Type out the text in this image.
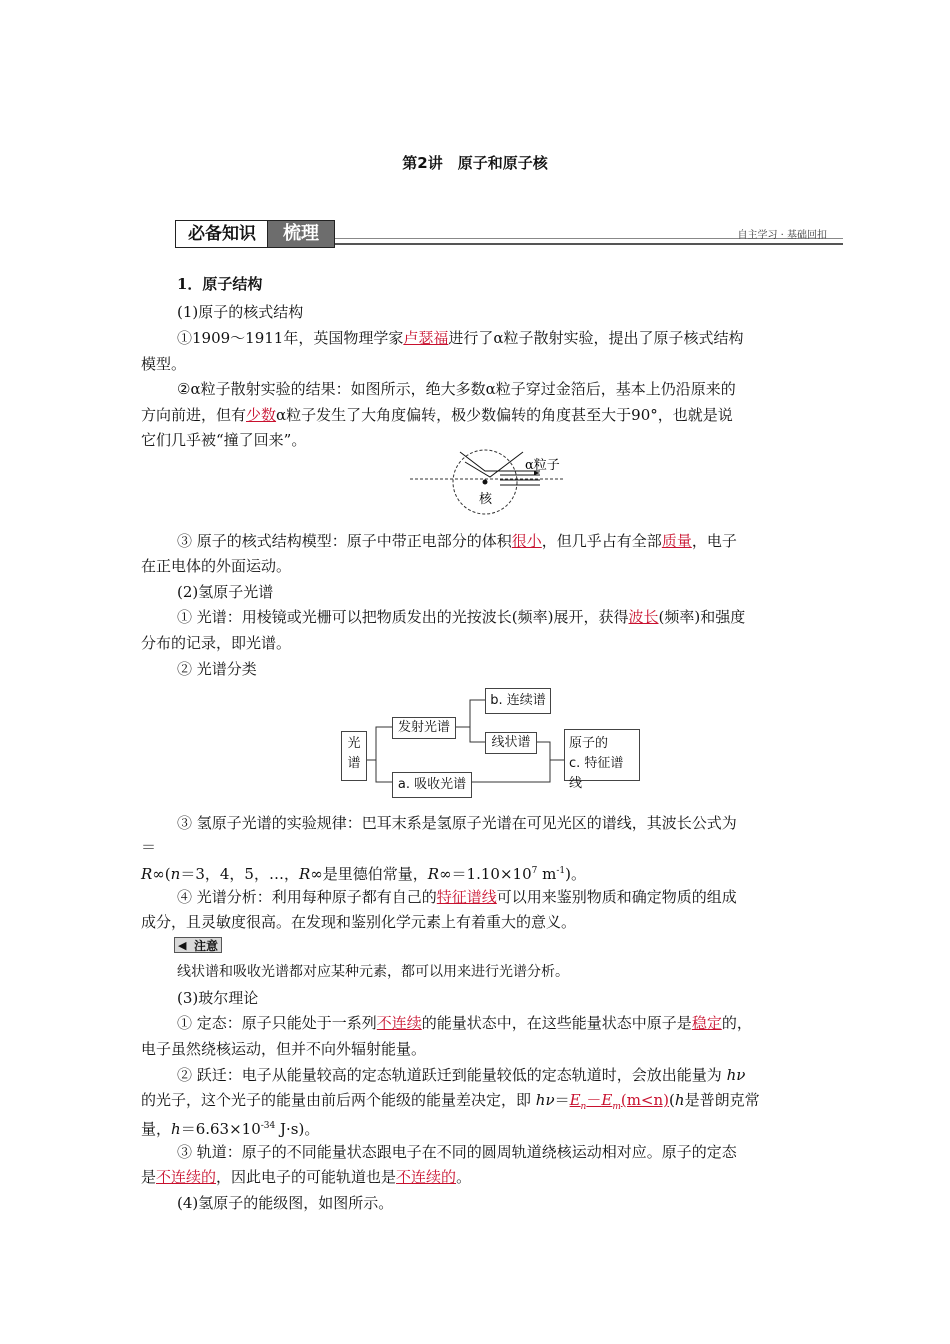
第2讲　原子和原子核
必备知识	梳理	自主学习 · 基础回扣
1．原子结构
(1)原子的核式结构
①1909～1911年，英国物理学家卢瑟福进行了α粒子散射实验，提出了原子核式结构
模型。
②α粒子散射实验的结果：如图所示，绝大多数α粒子穿过金箔后，基本上仍沿原来的
方向前进，但有少数α粒子发生了大角度偏转，极少数偏转的角度甚至大于90°，也就是说
它们几乎被“撞了回来”。
α粒子
核
③ 原子的核式结构模型：原子中带正电部分的体积很小，但几乎占有全部质量，电子
在正电体的外面运动。
(2)氢原子光谱
① 光谱：用棱镜或光栅可以把物质发出的光按波长(频率)展开，获得波长(频率)和强度
分布的记录，即光谱。
② 光谱分类
光
谱
发射光谱
b. 连续谱
线状谱
a. 吸收光谱
原子的
c. 特征谱线
③ 氢原子光谱的实验规律：巴耳末系是氢原子光谱在可见光区的谱线，其波长公式为
＝
R∞(n＝3，4，5，…，R∞是里德伯常量，$R\infty=1.10\times 10^7$ $m^{-1}$)。
④ 光谱分析：利用每种原子都有自己的特征谱线可以用来鉴别物质和确定物质的组成
成分，且灵敏度很高。在发现和鉴别化学元素上有着重大的意义。
◀ 注意
线状谱和吸收光谱都对应某种元素，都可以用来进行光谱分析。
(3)玻尔理论
① 定态：原子只能处于一系列不连续的能量状态中，在这些能量状态中原子是稳定的，
电子虽然绕核运动，但并不向外辐射能量。
② 跃迁：电子从能量较高的定态轨道跃迁到能量较低的定态轨道时，会放出能量为 hν
的光子，这个光子的能量由前后两个能级的能量差决定，即 $h\nu=E_n-E_m(m<n)(h$是普朗克常
量，$h=6.63\times 10^{-34}$ J·s)。
③ 轨道：原子的不同能量状态跟电子在不同的圆周轨道绕核运动相对应。原子的定态
是不连续的，因此电子的可能轨道也是不连续的。
(4)氢原子的能级图，如图所示。
